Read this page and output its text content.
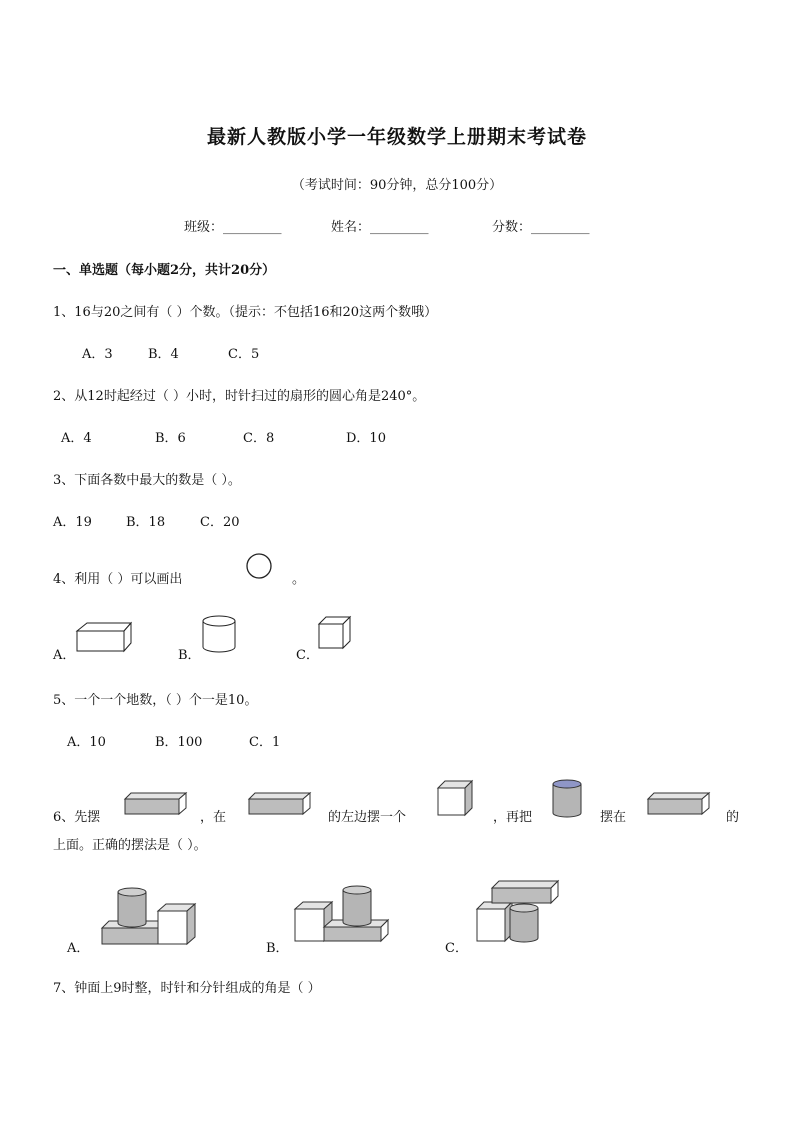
最新人教版小学一年级数学上册期末考试卷
（考试时间：90分钟，总分100分）
班级：_________	姓名：_________	分数：_________
一、单选题（每小题2分，共计20分）
1、16与20之间有（ ）个数。（提示：不包括16和20这两个数哦）
A．3	B．4	C．5
2、从12时起经过（ ）小时，时针扫过的扇形的圆心角是240°。
A．4	B．6	C．8	D．10
3、下面各数中最大的数是（ ）。
A．19	B．18	C．20
4、利用（ ）可以画出	。
A．	B．	C．
5、一个一个地数，（ ）个一是10。
A．10	B．100	C．1
6、先摆	，在	的左边摆一个	，再把	摆在	的
上面。正确的摆法是（ ）。
A．	B．	C．
7、钟面上9时整，时针和分针组成的角是（ ）
